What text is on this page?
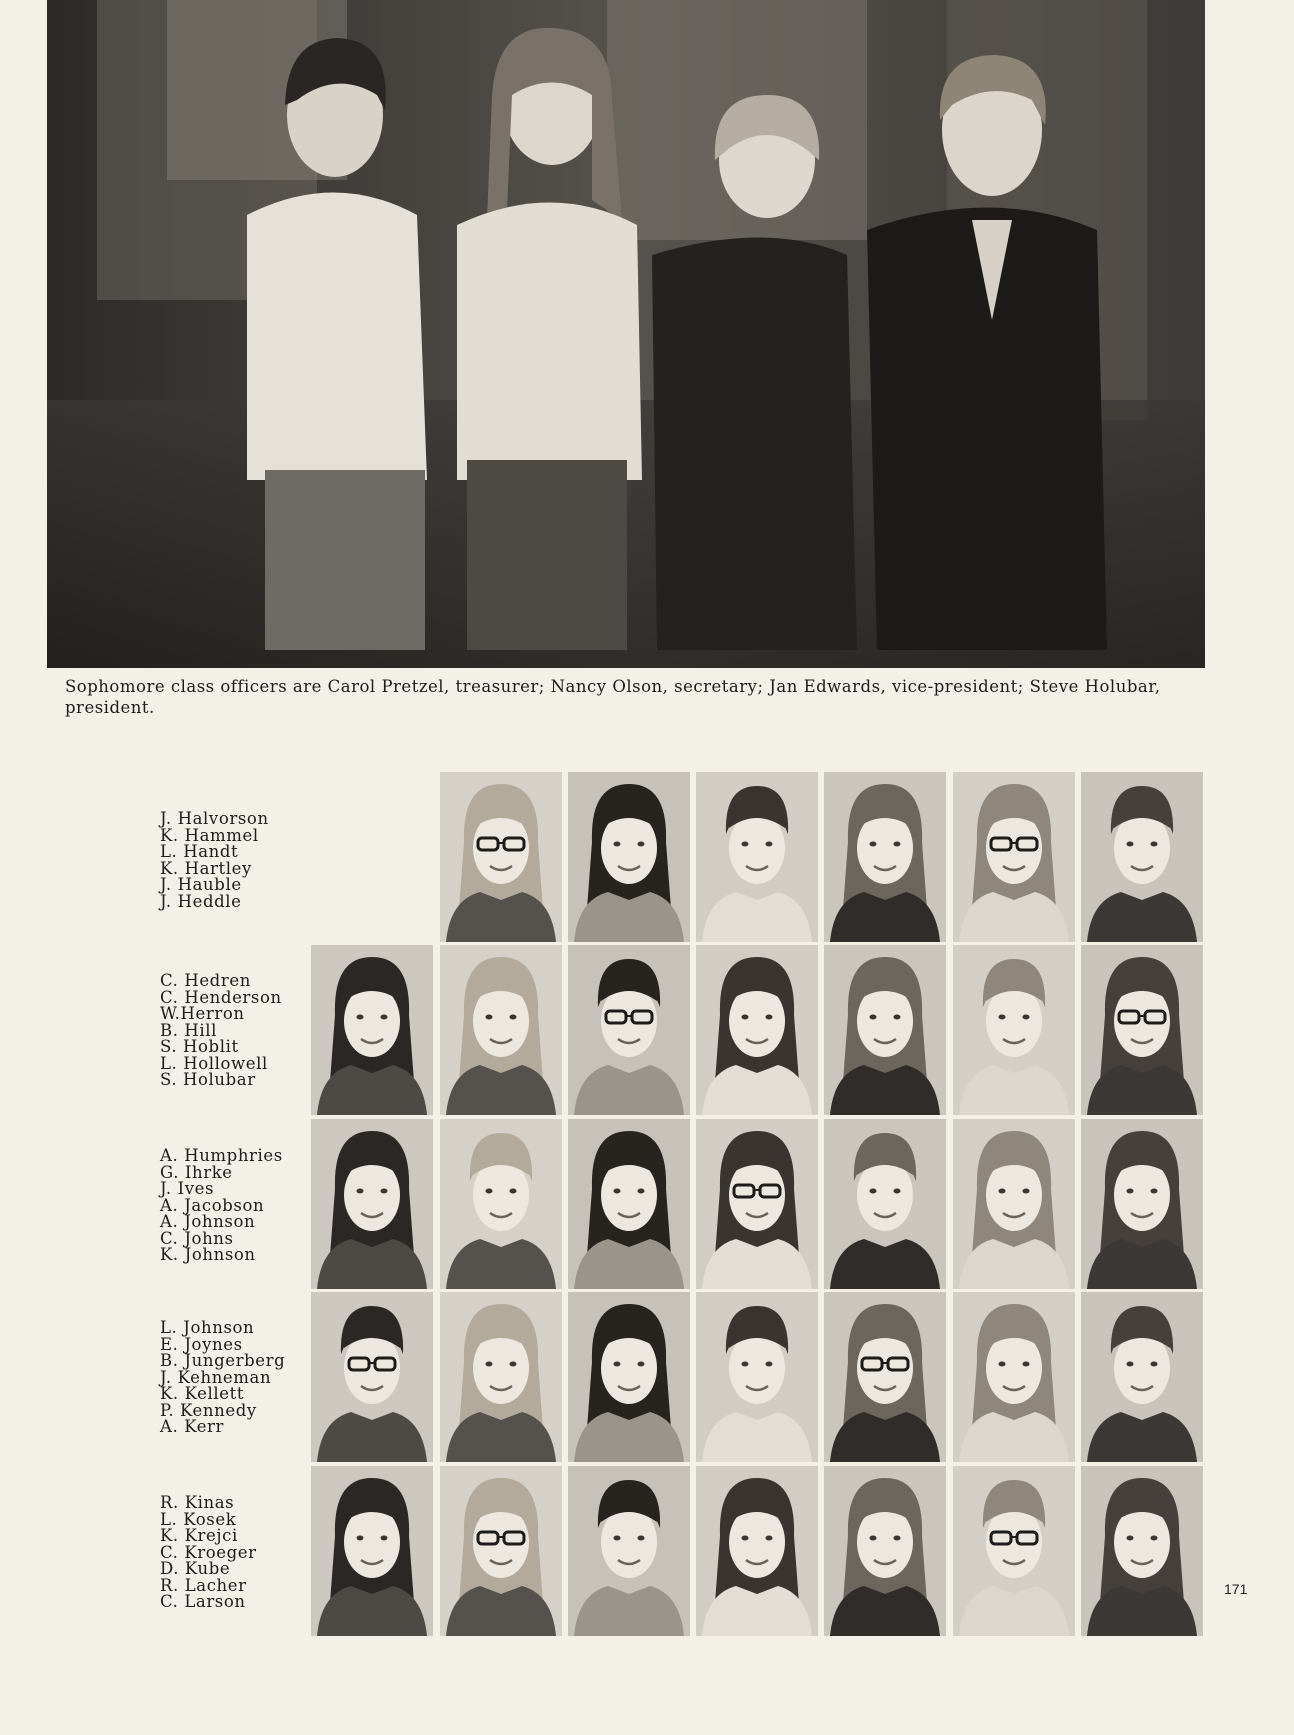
Sophomore class officers are Carol Pretzel, treasurer; Nancy Olson, secretary; Jan Edwards, vice-president; Steve Holubar, president.
J. Halvorson
K. Hammel
L. Handt
K. Hartley
J. Hauble
J. Heddle
C. Hedren
C. Henderson
W.Herron
B. Hill
S. Hoblit
L. Hollowell
S. Holubar
A. Humphries
G. Ihrke
J. Ives
A. Jacobson
A. Johnson
C. Johns
K. Johnson
L. Johnson
E. Joynes
B. Jungerberg
J. Kehneman
K. Kellett
P. Kennedy
A. Kerr
R. Kinas
L. Kosek
K. Krejci
C. Kroeger
D. Kube
R. Lacher
C. Larson
171
